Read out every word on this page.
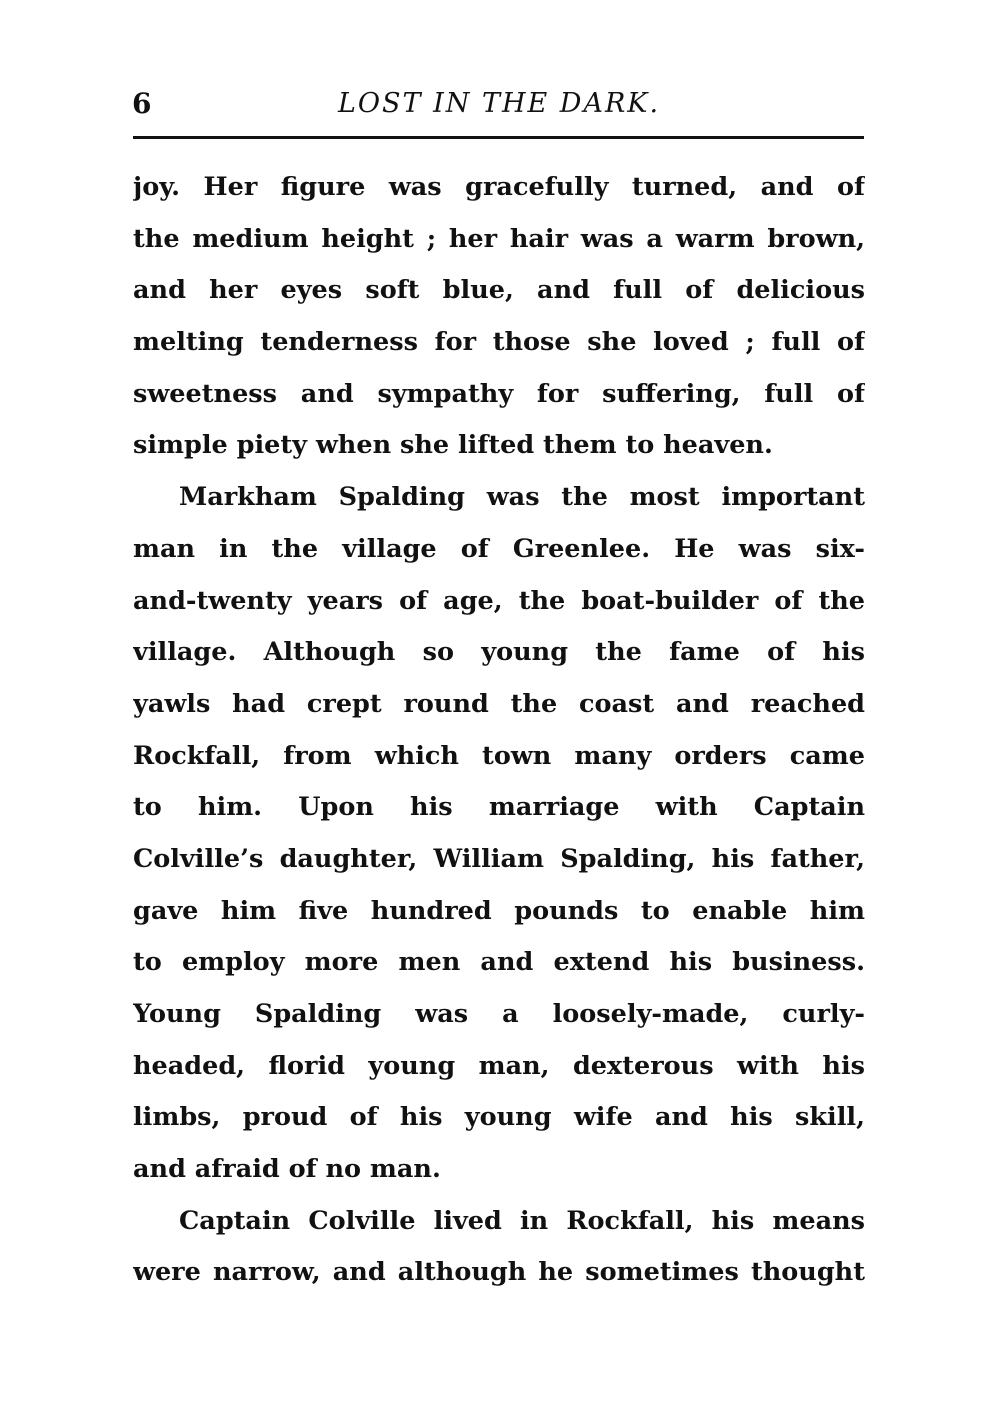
6	LOST IN THE DARK.
joy. Her figure was gracefully turned, and of
the medium height ; her hair was a warm brown,
and her eyes soft blue, and full of delicious
melting tenderness for those she loved ; full of
sweetness and sympathy for suffering, full of
simple piety when she lifted them to heaven.
Markham Spalding was the most important
man in the village of Greenlee. He was six-
and-twenty years of age, the boat-builder of the
village. Although so young the fame of his
yawls had crept round the coast and reached
Rockfall, from which town many orders came
to him. Upon his marriage with Captain
Colville’s daughter, William Spalding, his father,
gave him five hundred pounds to enable him
to employ more men and extend his business.
Young Spalding was a loosely-made, curly-
headed, florid young man, dexterous with his
limbs, proud of his young wife and his skill,
and afraid of no man.
Captain Colville lived in Rockfall, his means
were narrow, and although he sometimes thought
